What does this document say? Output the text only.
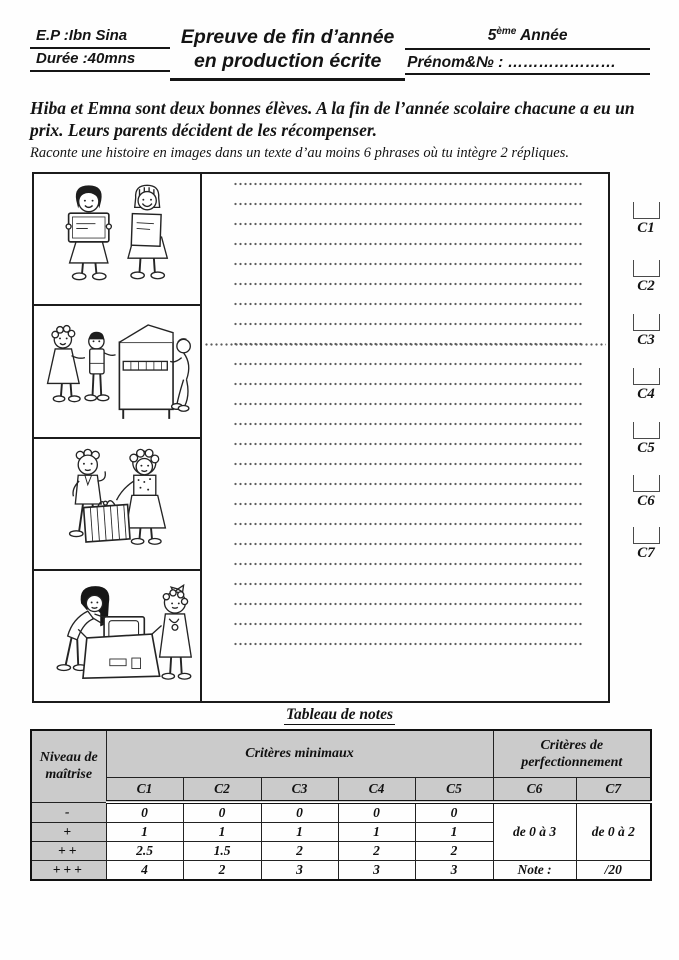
E.P :Ibn Sina
Durée :40mns
Epreuve de fin d’année
en production écrite
5ème Année
Prénom&№ : …………………
Hiba et Emna sont deux bonnes élèves. A la fin de l’année scolaire chacune a eu un prix. Leurs parents décident de les récompenser.
Raconte une histoire en images dans un texte d’au moins 6 phrases où tu intègre 2 répliques.
C1
C2
C3
C4
C5
C6
C7
Tableau de notes
Niveau de maîtrise	Critères minimaux					Critères de perfectionnement	
	C1	C2	C3	C4	C5	C6	C7
-	0	0	0	0	0	de 0 à 3	de 0 à 2
+	1	1	1	1	1		
++	2.5	1.5	2	2	2		
+++	4	2	3	3	3	Note :	/20
